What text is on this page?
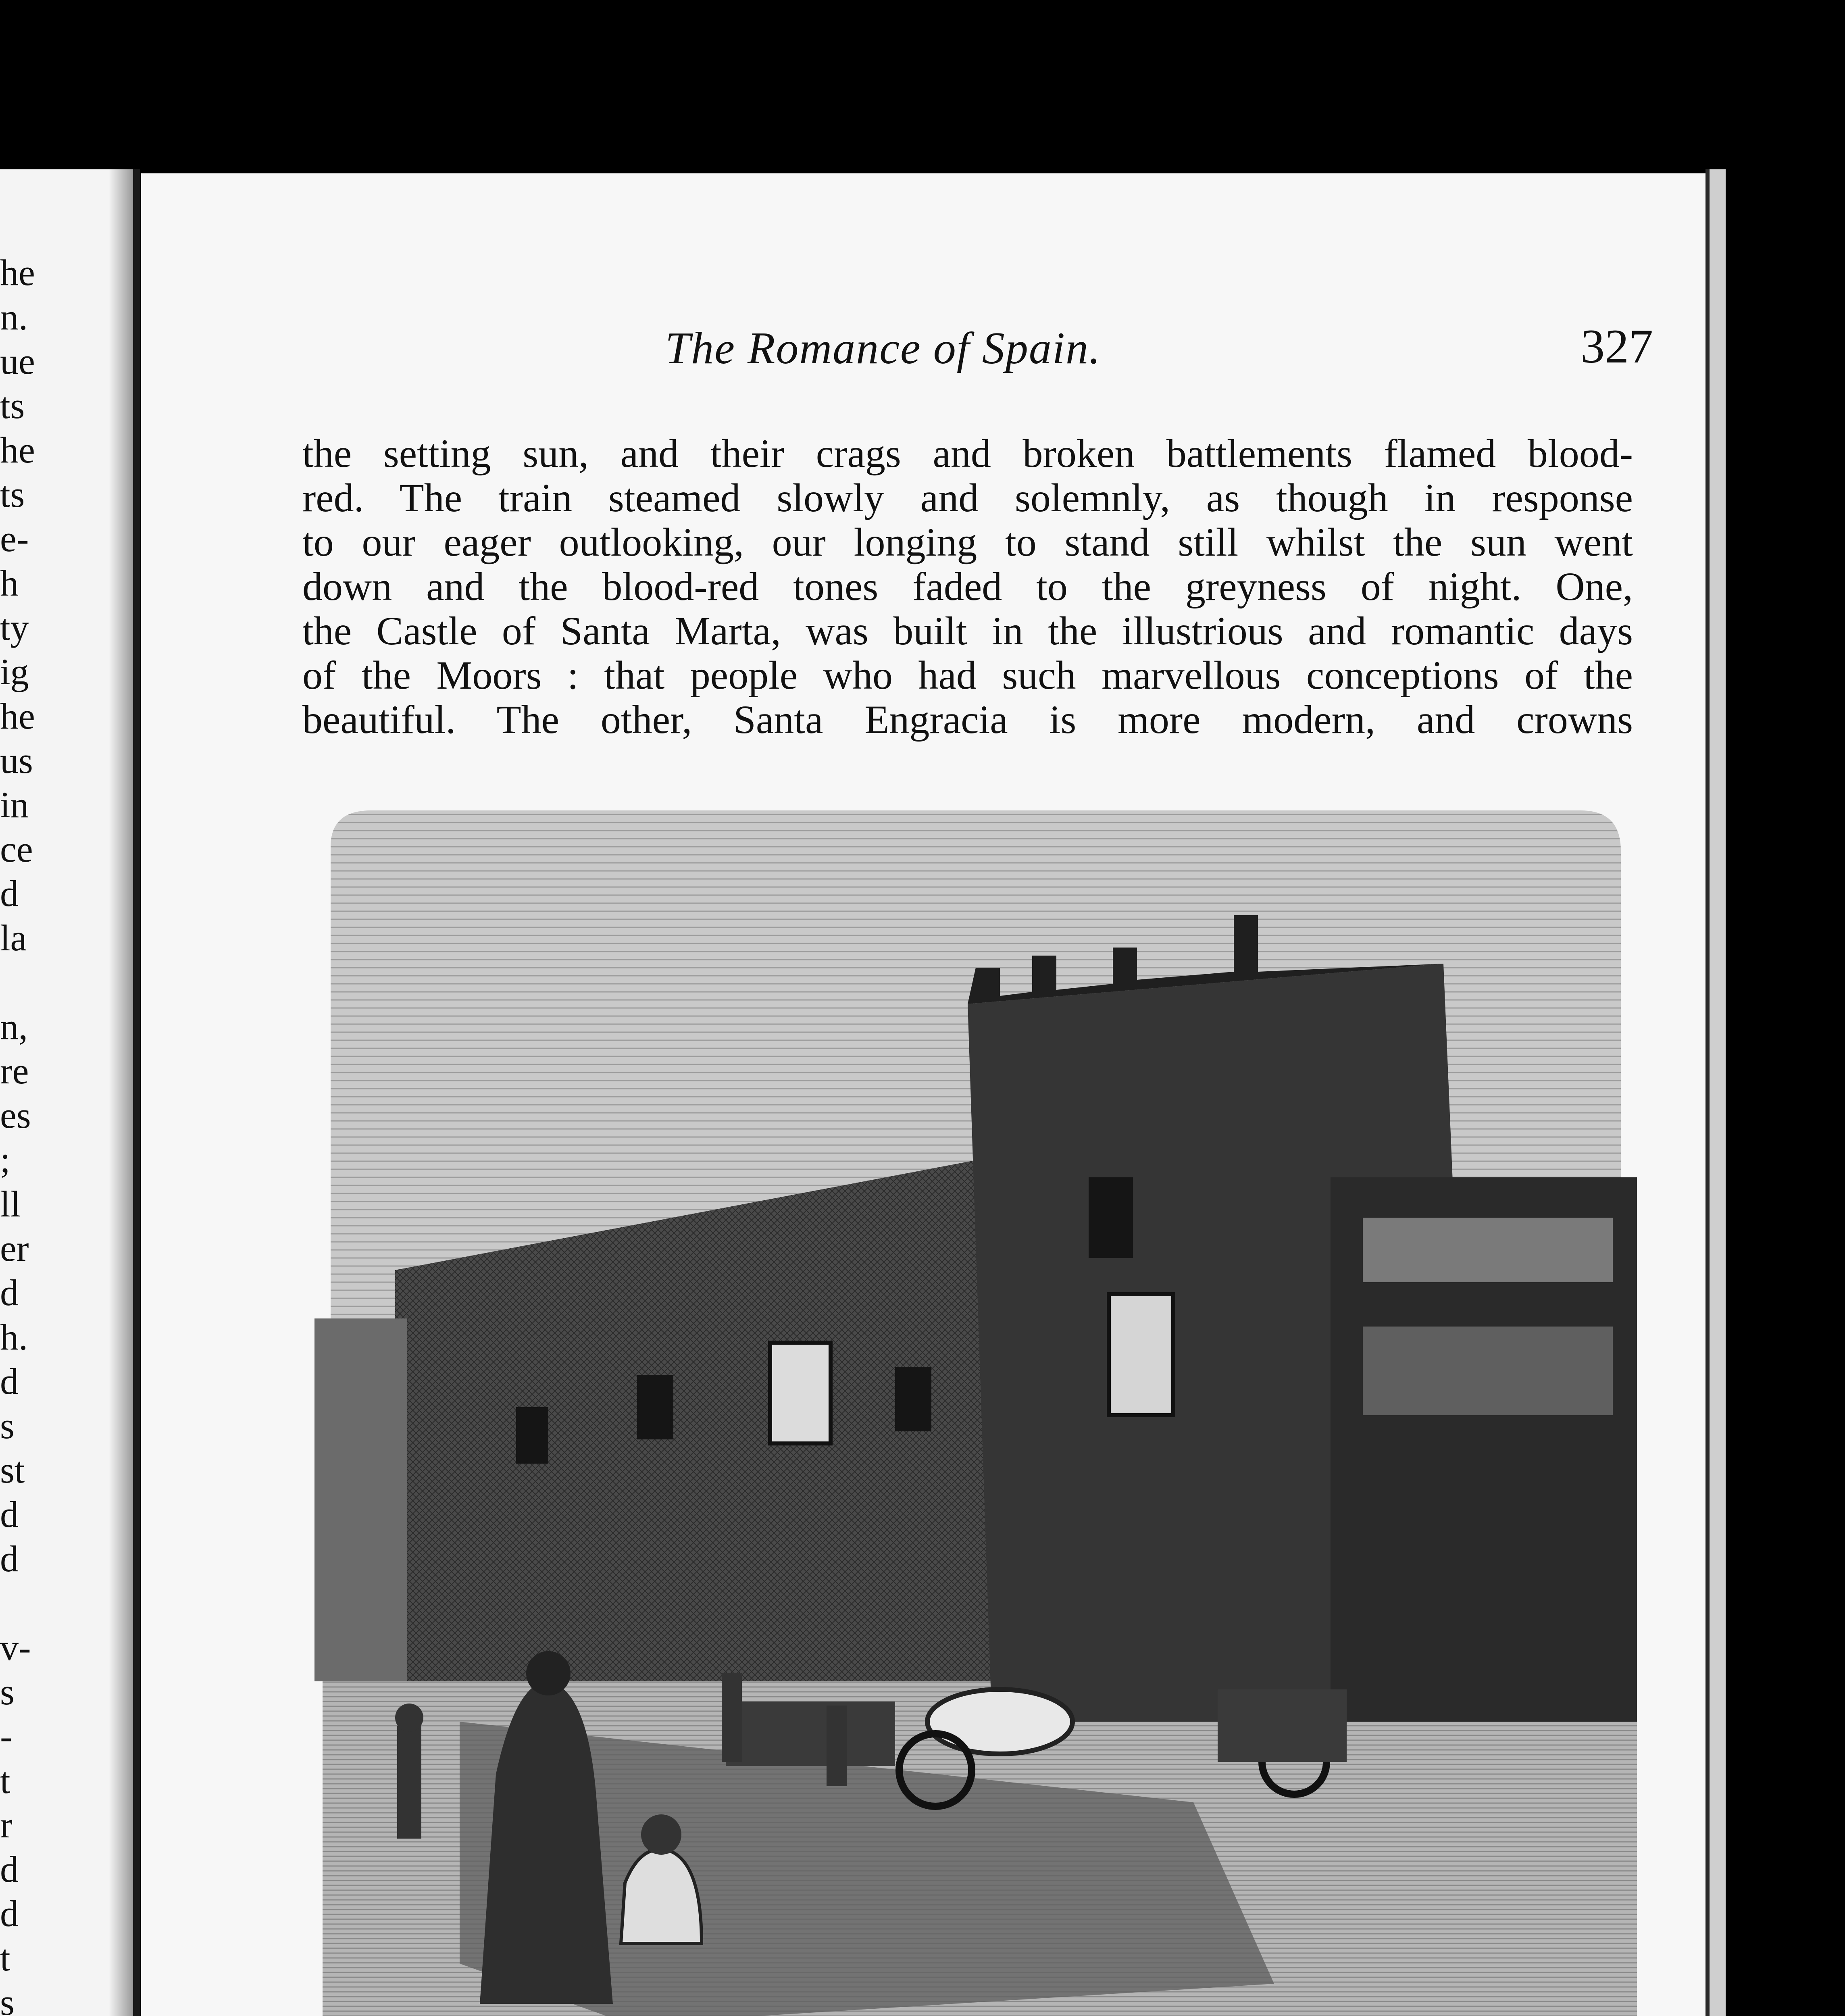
he
n.
ue
ts
he
ts
e-
h
ty
ig
he
us
in
ce
d
la
n,
re
es
;
ll
er
d
h.
d
s
st
d
d
v-
s
-
t
r
d
d
t
s
The Romance of Spain.	327
the setting sun, and their crags and broken battlements flamed blood-
red. The train steamed slowly and solemnly, as though in response
to our eager outlooking, our longing to stand still whilst the sun went
down and the blood-red tones faded to the greyness of night. One,
the Castle of Santa Marta, was built in the illustrious and romantic days
of the Moors : that people who had such marvellous conceptions of the
beautiful. The other, Santa Engracia is more modern, and crowns
